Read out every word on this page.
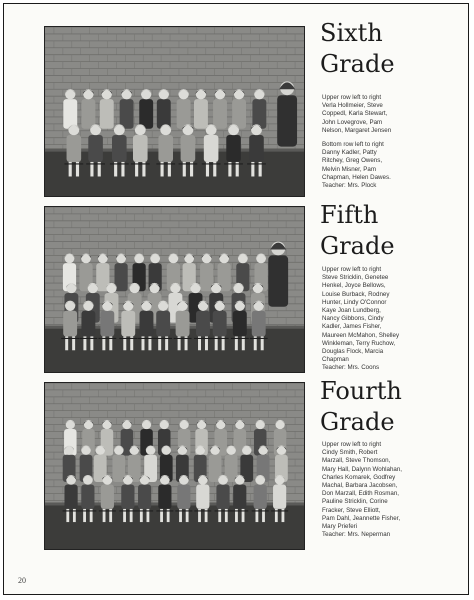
Sixth
Grade

Upper row left to right

Verla Hollmeier, Steve

Coppedl, Karla Stewart,

John Lovegrove, Pam

Nelson, Margaret Jensen

Bottom row left to right

Danny Kadler, Patty

Ritchey, Greg Owens,

Melvin Misner, Pam

Chapman, Helen Dawes.

Teacher: Mrs. Plock

Fifth
Grade

Upper row left to right

Steve Stricklin, Genetee

Henkel, Joyce Bellows,

Louise Burback, Rodney

Hunter, Lindy O'Connor

Kaye Joan Lundberg,

Nancy Gibbons, Cindy

Kadler, James Fisher,

Maureen McMahon, Shelley

Winkleman, Terry Ruchow,

Douglas Flock, Marcia

Chapman

Teacher: Mrs. Coons

Fourth
Grade

Upper row left to right

Cindy Smith, Robert

Marzall, Steve Thomson,

Mary Hall, Dalynn Wohlahan,

Charles Komarek, Godfrey

Machal, Barbara Jacobsen,

Don Marzall, Edith Rosman,

Pauline Stricklin, Corine

Fracker, Steve Elliott,

Pam Dahl, Jeannette Fisher,

Mary Prieferi

Teacher: Mrs. Neperman

20
